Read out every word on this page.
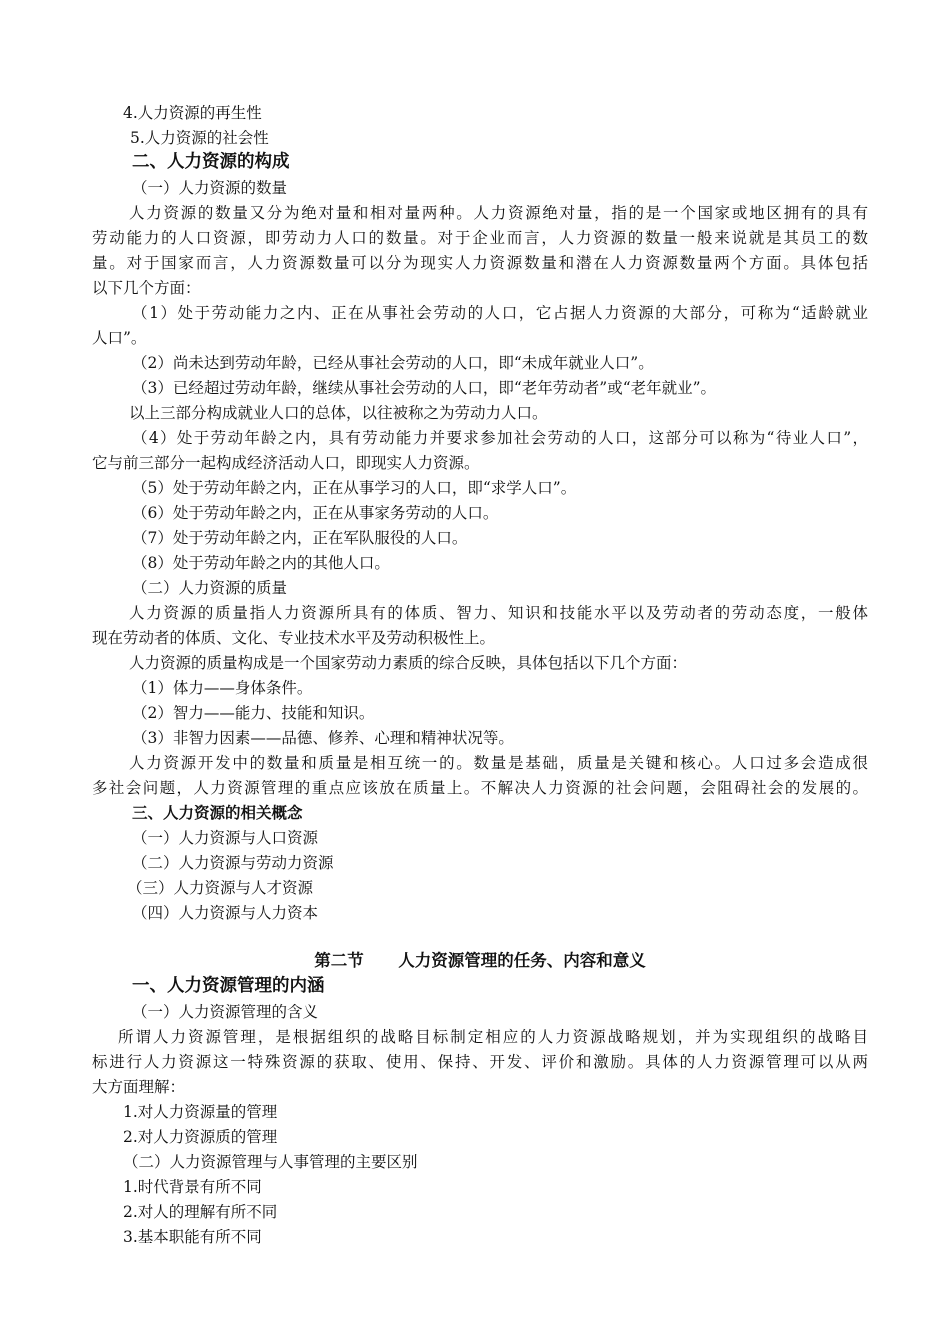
4.人力资源的再生性
5.人力资源的社会性
二、人力资源的构成
（一）人力资源的数量
人力资源的数量又分为绝对量和相对量两种。人力资源绝对量，指的是一个国家或地区拥有的具有
劳动能力的人口资源，即劳动力人口的数量。对于企业而言，人力资源的数量一般来说就是其员工的数
量。对于国家而言，人力资源数量可以分为现实人力资源数量和潜在人力资源数量两个方面。具体包括
以下几个方面：
（1）处于劳动能力之内、正在从事社会劳动的人口，它占据人力资源的大部分，可称为“适龄就业
人口”。
（2）尚未达到劳动年龄，已经从事社会劳动的人口，即“未成年就业人口”。
（3）已经超过劳动年龄，继续从事社会劳动的人口，即“老年劳动者”或“老年就业”。
以上三部分构成就业人口的总体，以往被称之为劳动力人口。
（4）处于劳动年龄之内，具有劳动能力并要求参加社会劳动的人口，这部分可以称为“待业人口”，
它与前三部分一起构成经济活动人口，即现实人力资源。
（5）处于劳动年龄之内，正在从事学习的人口，即“求学人口”。
（6）处于劳动年龄之内，正在从事家务劳动的人口。
（7）处于劳动年龄之内，正在军队服役的人口。
（8）处于劳动年龄之内的其他人口。
（二）人力资源的质量
人力资源的质量指人力资源所具有的体质、智力、知识和技能水平以及劳动者的劳动态度，一般体
现在劳动者的体质、文化、专业技术水平及劳动积极性上。
人力资源的质量构成是一个国家劳动力素质的综合反映，具体包括以下几个方面：
（1）体力——身体条件。
（2）智力——能力、技能和知识。
（3）非智力因素——品德、修养、心理和精神状况等。
人力资源开发中的数量和质量是相互统一的。数量是基础，质量是关键和核心。人口过多会造成很
多社会问题，人力资源管理的重点应该放在质量上。不解决人力资源的社会问题，会阻碍社会的发展的。
三、人力资源的相关概念
（一）人力资源与人口资源
（二）人力资源与劳动力资源
（三）人力资源与人才资源
（四）人力资源与人力资本
第二节      人力资源管理的任务、内容和意义
一、人力资源管理的内涵
（一）人力资源管理的含义
所谓人力资源管理，是根据组织的战略目标制定相应的人力资源战略规划，并为实现组织的战略目
标进行人力资源这一特殊资源的获取、使用、保持、开发、评价和激励。具体的人力资源管理可以从两
大方面理解：
1.对人力资源量的管理
2.对人力资源质的管理
（二）人力资源管理与人事管理的主要区别
1.时代背景有所不同
2.对人的理解有所不同
3.基本职能有所不同
